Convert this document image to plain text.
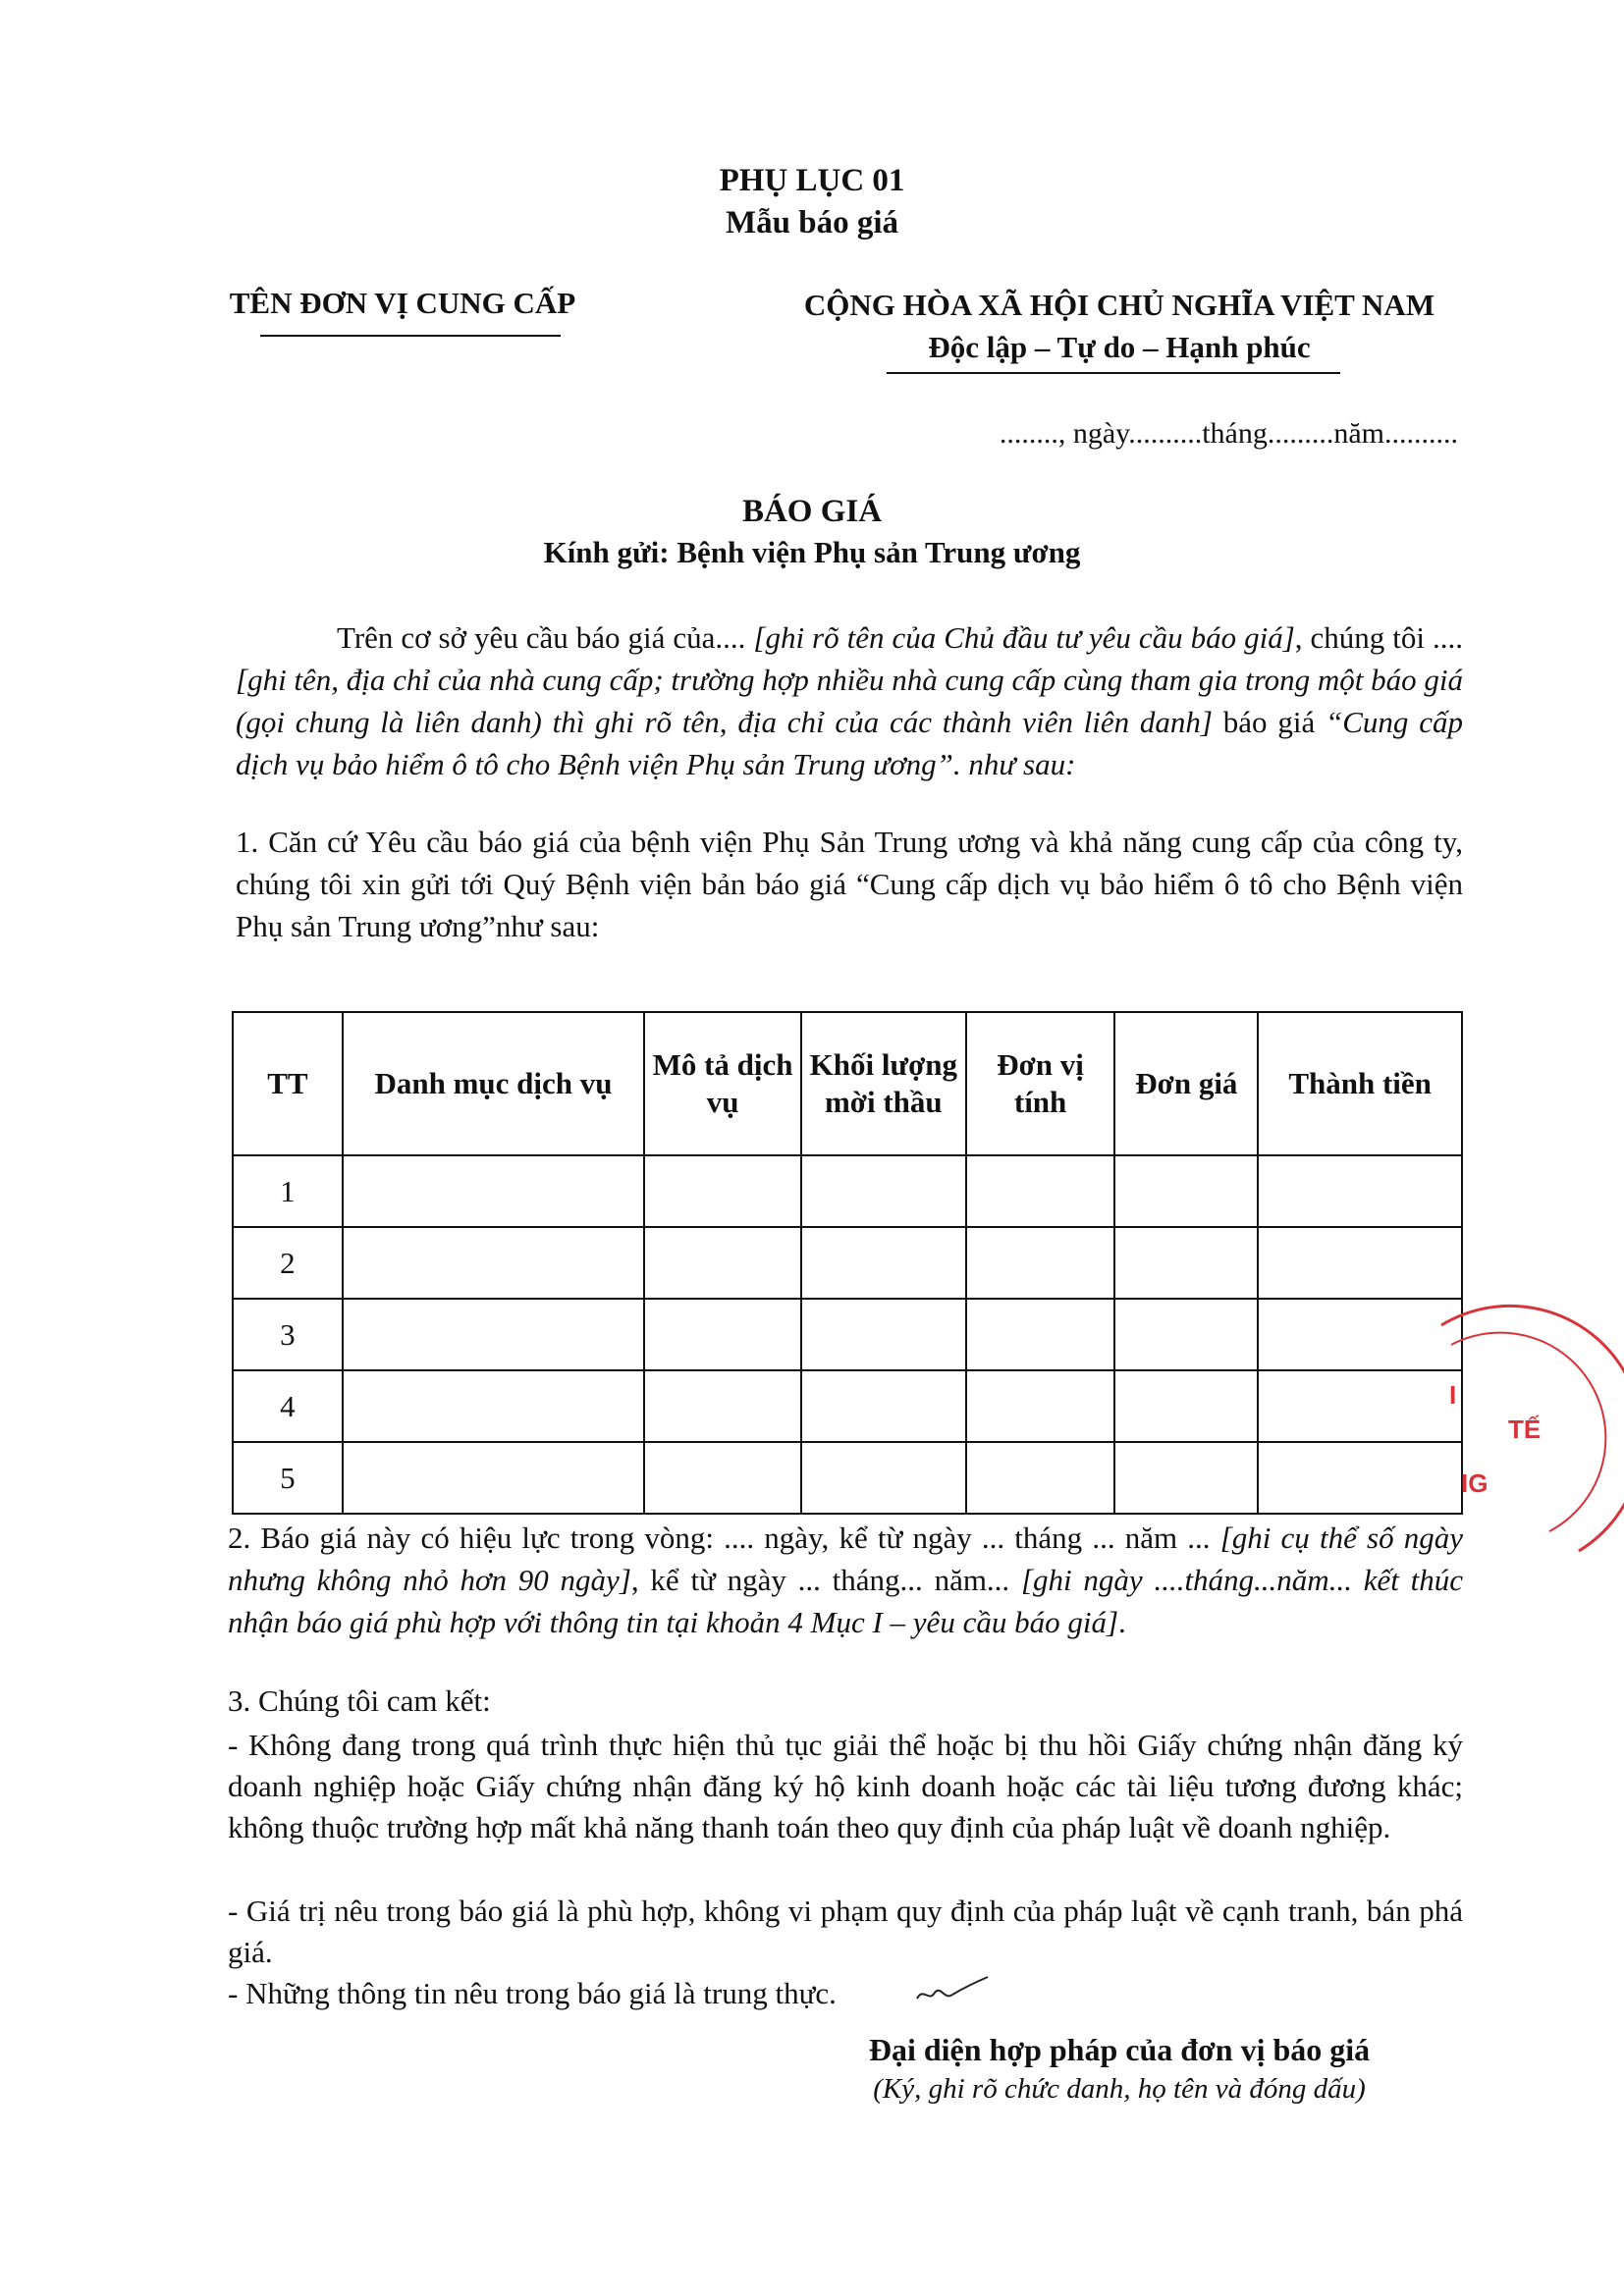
PHỤ LỤC 01
Mẫu báo giá
TÊN ĐƠN VỊ CUNG CẤP	CỘNG HÒA XÃ HỘI CHỦ NGHĨA VIỆT NAM
Độc lập – Tự do – Hạnh phúc
........, ngày..........tháng.........năm..........
BÁO GIÁ
Kính gửi: Bệnh viện Phụ sản Trung ương
Trên cơ sở yêu cầu báo giá của.... [ghi rõ tên của Chủ đầu tư yêu cầu báo giá], chúng tôi .... [ghi tên, địa chỉ của nhà cung cấp; trường hợp nhiều nhà cung cấp cùng tham gia trong một báo giá (gọi chung là liên danh) thì ghi rõ tên, địa chỉ của các thành viên liên danh] báo giá “Cung cấp dịch vụ bảo hiểm ô tô cho Bệnh viện Phụ sản Trung ương”. như sau:
1. Căn cứ Yêu cầu báo giá của bệnh viện Phụ Sản Trung ương và khả năng cung cấp của công ty, chúng tôi xin gửi tới Quý Bệnh viện bản báo giá “Cung cấp dịch vụ bảo hiểm ô tô cho Bệnh viện Phụ sản Trung ương”như sau:
TT	Danh mục dịch vụ	Mô tả dịch vụ	Khối lượng mời thầu	Đơn vị tính	Đơn giá	Thành tiền
1						
2						
3						
4						
5						
2. Báo giá này có hiệu lực trong vòng: .... ngày, kể từ ngày ... tháng ... năm ... [ghi cụ thể số ngày nhưng không nhỏ hơn 90 ngày], kể từ ngày ... tháng... năm... [ghi ngày ....tháng...năm... kết thúc nhận báo giá phù hợp với thông tin tại khoản 4 Mục I – yêu cầu báo giá].
3. Chúng tôi cam kết:
- Không đang trong quá trình thực hiện thủ tục giải thể hoặc bị thu hồi Giấy chứng nhận đăng ký doanh nghiệp hoặc Giấy chứng nhận đăng ký hộ kinh doanh hoặc các tài liệu tương đương khác; không thuộc trường hợp mất khả năng thanh toán theo quy định của pháp luật về doanh nghiệp.
- Giá trị nêu trong báo giá là phù hợp, không vi phạm quy định của pháp luật về cạnh tranh, bán phá giá.
- Những thông tin nêu trong báo giá là trung thực.
Đại diện hợp pháp của đơn vị báo giá
(Ký, ghi rõ chức danh, họ tên và đóng dấu)
I
TẾ
IG
